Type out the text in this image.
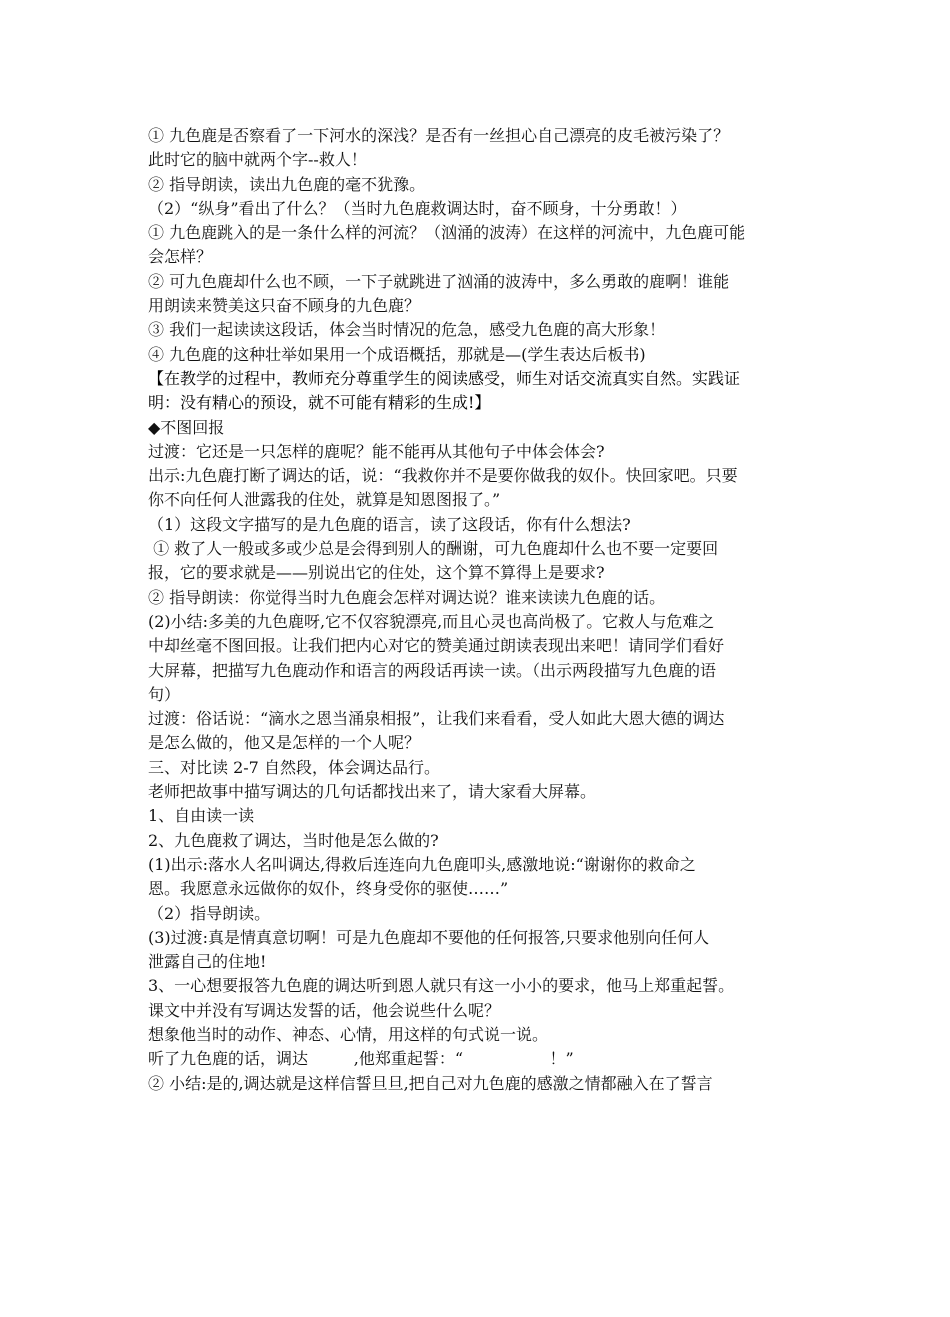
① 九色鹿是否察看了一下河水的深浅？是否有一丝担心自己漂亮的皮毛被污染了？
此时它的脑中就两个字--救人！
② 指导朗读，读出九色鹿的毫不犹豫。
（2）“纵身”看出了什么？（当时九色鹿救调达时，奋不顾身，十分勇敢！）
① 九色鹿跳入的是一条什么样的河流？（汹涌的波涛）在这样的河流中，九色鹿可能
会怎样？
② 可九色鹿却什么也不顾，一下子就跳进了汹涌的波涛中，多么勇敢的鹿啊！谁能
用朗读来赞美这只奋不顾身的九色鹿？
③ 我们一起读读这段话，体会当时情况的危急，感受九色鹿的高大形象！
④ 九色鹿的这种壮举如果用一个成语概括，那就是—(学生表达后板书)
【在教学的过程中，教师充分尊重学生的阅读感受，师生对话交流真实自然。实践证
明：没有精心的预设，就不可能有精彩的生成!】
◆不图回报
过渡：它还是一只怎样的鹿呢？能不能再从其他句子中体会体会?
出示:九色鹿打断了调达的话，说：“我救你并不是要你做我的奴仆。快回家吧。只要
你不向任何人泄露我的住处，就算是知恩图报了。”
（1）这段文字描写的是九色鹿的语言，读了这段话，你有什么想法?
① 救了人一般或多或少总是会得到别人的酬谢，可九色鹿却什么也不要一定要回
报，它的要求就是——别说出它的住处，这个算不算得上是要求?
② 指导朗读：你觉得当时九色鹿会怎样对调达说？谁来读读九色鹿的话。
(2)小结:多美的九色鹿呀,它不仅容貌漂亮,而且心灵也高尚极了。它救人与危难之
中却丝毫不图回报。让我们把内心对它的赞美通过朗读表现出来吧！请同学们看好
大屏幕，把描写九色鹿动作和语言的两段话再读一读。（出示两段描写九色鹿的语
句）
过渡：俗话说：“滴水之恩当涌泉相报”，让我们来看看，受人如此大恩大德的调达
是怎么做的，他又是怎样的一个人呢？
三、对比读 2-7 自然段，体会调达品行。
老师把故事中描写调达的几句话都找出来了，请大家看大屏幕。
1、自由读一读
2、九色鹿救了调达，当时他是怎么做的?
(1)出示:落水人名叫调达,得救后连连向九色鹿叩头,感激地说:“谢谢你的救命之
恩。我愿意永远做你的奴仆，终身受你的驱使……”
（2）指导朗读。
(3)过渡:真是情真意切啊！可是九色鹿却不要他的任何报答,只要求他别向任何人
泄露自己的住地!
3、一心想要报答九色鹿的调达听到恩人就只有这一小小的要求，他马上郑重起誓。
课文中并没有写调达发誓的话，他会说些什么呢？
想象他当时的动作、神态、心情，用这样的句式说一说。
听了九色鹿的话，调达         ,他郑重起誓：“                 ！”
② 小结:是的,调达就是这样信誓旦旦,把自己对九色鹿的感激之情都融入在了誓言
